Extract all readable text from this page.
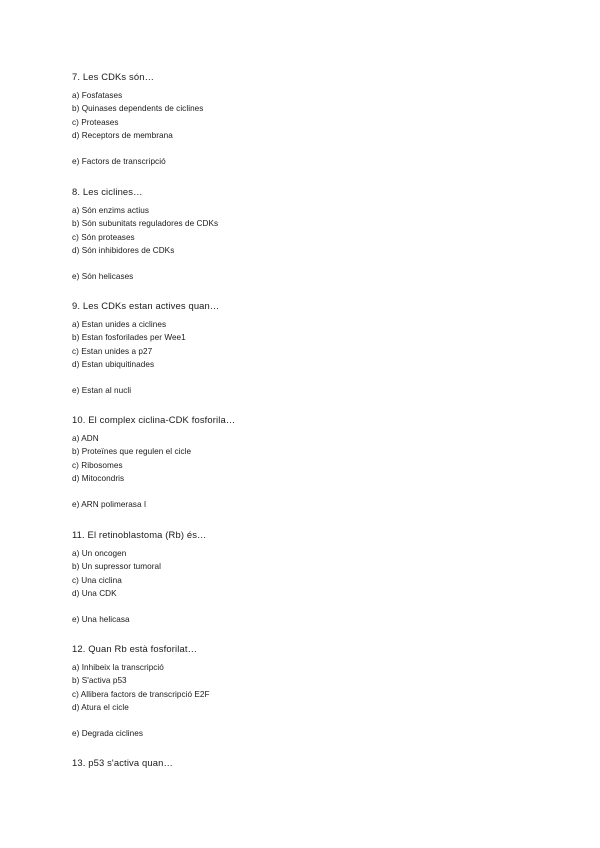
7. Les CDKs són…
a) Fosfatases
b) Quinases dependents de ciclines
c) Proteases
d) Receptors de membrana
e) Factors de transcripció
8. Les ciclines…
a) Són enzims actius
b) Són subunitats reguladores de CDKs
c) Són proteases
d) Són inhibidores de CDKs
e) Són helicases
9. Les CDKs estan actives quan…
a) Estan unides a ciclines
b) Estan fosforilades per Wee1
c) Estan unides a p27
d) Estan ubiquitinades
e) Estan al nucli
10. El complex ciclina-CDK fosforila…
a) ADN
b) Proteïnes que regulen el cicle
c) Ribosomes
d) Mitocondris
e) ARN polimerasa I
11. El retinoblastoma (Rb) és…
a) Un oncogen
b) Un supressor tumoral
c) Una ciclina
d) Una CDK
e) Una helicasa
12. Quan Rb està fosforilat…
a) Inhibeix la transcripció
b) S'activa p53
c) Allibera factors de transcripció E2F
d) Atura el cicle
e) Degrada ciclines
13. p53 s'activa quan…
